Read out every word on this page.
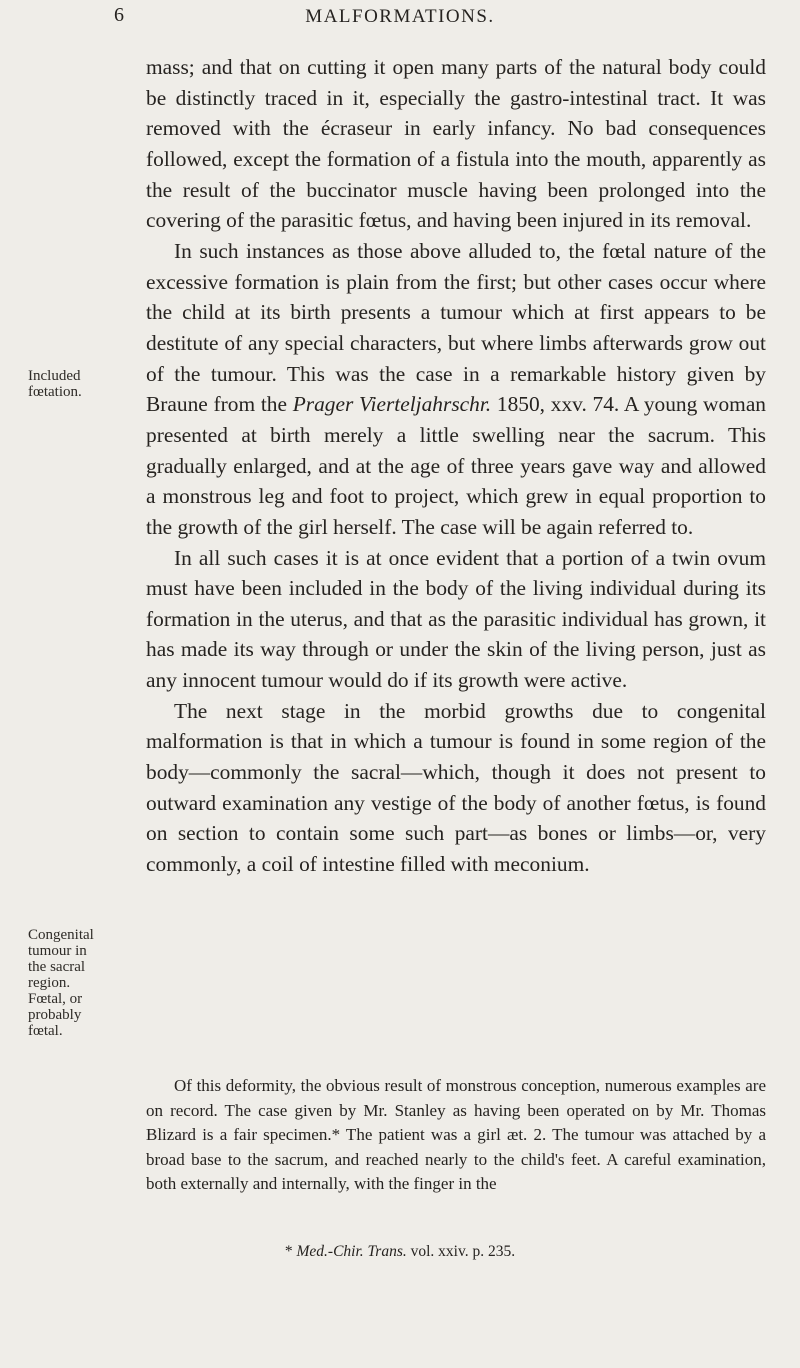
6	MALFORMATIONS.

mass; and that on cutting it open many parts of the natural body could be distinctly traced in it, especially the gastro-intestinal tract. It was removed with the écraseur in early infancy. No bad consequences followed, except the formation of a fistula into the mouth, apparently as the result of the buccinator muscle having been prolonged into the covering of the parasitic fœtus, and having been injured in its removal.

In such instances as those above alluded to, the fœtal nature of the excessive formation is plain from the first; but other cases occur where the child at its birth presents a tumour which at first appears to be destitute of any special characters, but where limbs afterwards grow out of the tumour. This was the case in a remarkable history given by Braune from the Prager Vierteljahrschr. 1850, xxv. 74. A young woman presented at birth merely a little swelling near the sacrum. This gradually enlarged, and at the age of three years gave way and allowed a monstrous leg and foot to project, which grew in equal proportion to the growth of the girl herself. The case will be again referred to.

In all such cases it is at once evident that a portion of a twin ovum must have been included in the body of the living individual during its formation in the uterus, and that as the parasitic individual has grown, it has made its way through or under the skin of the living person, just as any innocent tumour would do if its growth were active.

The next stage in the morbid growths due to congenital malformation is that in which a tumour is found in some region of the body—commonly the sacral—which, though it does not present to outward examination any vestige of the body of another fœtus, is found on section to contain some such part—as bones or limbs—or, very commonly, a coil of intestine filled with meconium.

Included
fœtation.
Congenital
tumour in
the sacral
region.
Fœtal, or
probably
fœtal.

Of this deformity, the obvious result of monstrous conception, numerous examples are on record. The case given by Mr. Stanley as having been operated on by Mr. Thomas Blizard is a fair specimen.* The patient was a girl æt. 2. The tumour was attached by a broad base to the sacrum, and reached nearly to the child's feet. A careful examination, both externally and internally, with the finger in the

* Med.-Chir. Trans. vol. xxiv. p. 235.
